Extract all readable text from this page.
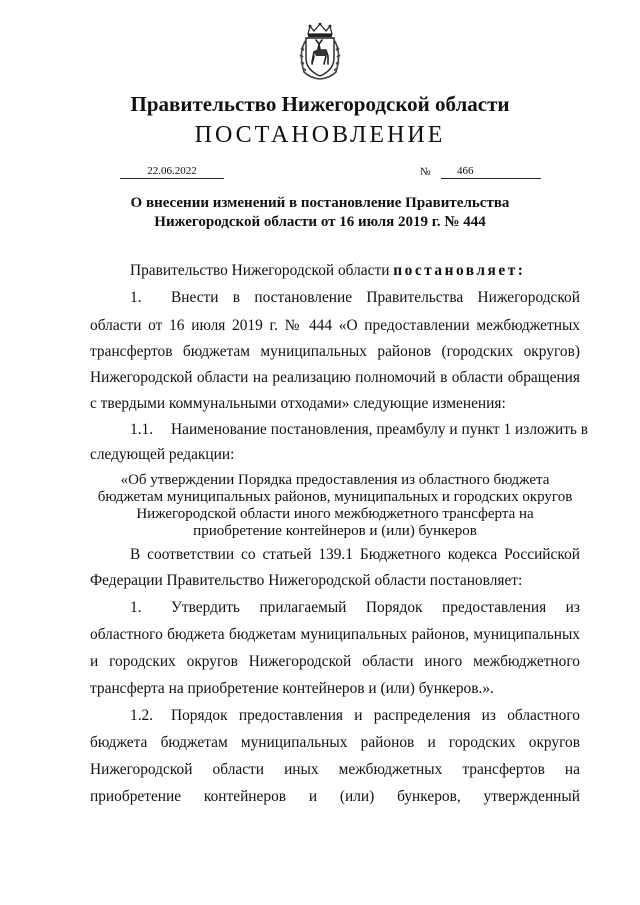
Правительство Нижегородской области
ПОСТАНОВЛЕНИЕ
22.06.2022	№	466
О внесении изменений в постановление Правительства
Нижегородской области от 16 июля 2019 г. № 444
Правительство Нижегородской области постановляет:
1. Внести в постановление Правительства Нижегородской
области от 16 июля 2019 г. № 444 «О предоставлении межбюджетных
трансфертов бюджетам муниципальных районов (городских округов)
Нижегородской области на реализацию полномочий в области обращения
с твердыми коммунальными отходами» следующие изменения:
1.1. Наименование постановления, преамбулу и пункт 1 изложить в
следующей редакции:
«Об утверждении Порядка предоставления из областного бюджета
бюджетам муниципальных районов, муниципальных и городских округов
Нижегородской области иного межбюджетного трансферта на
приобретение контейнеров и (или) бункеров
В соответствии со статьей 139.1 Бюджетного кодекса Российской
Федерации Правительство Нижегородской области постановляет:
1. Утвердить прилагаемый Порядок предоставления из
областного бюджета бюджетам муниципальных районов, муниципальных
и городских округов Нижегородской области иного межбюджетного
трансферта на приобретение контейнеров и (или) бункеров.».
1.2. Порядок предоставления и распределения из областного
бюджета бюджетам муниципальных районов и городских округов
Нижегородской области иных межбюджетных трансфертов на
приобретение контейнеров и (или) бункеров, утвержденный
